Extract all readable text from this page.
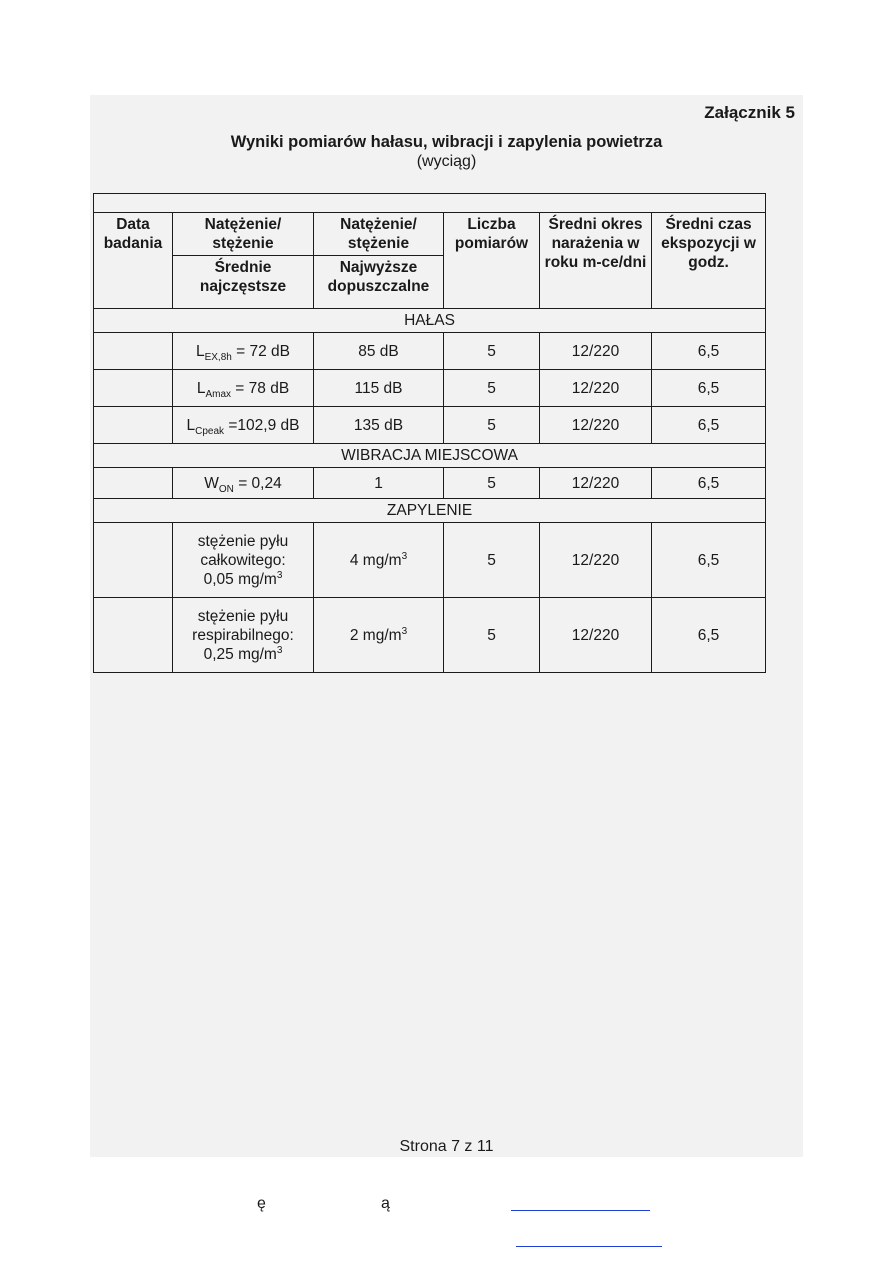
Załącznik 5
Wyniki pomiarów hałasu, wibracji i zapylenia powietrza
(wyciąg)

Data badania	Natężenie/ stężenie	Natężenie/ stężenie	Liczba pomiarów	Średni okres narażenia w roku m-ce/dni	Średni czas ekspozycji w godz.
	Średnie najczęstsze	Najwyższe dopuszczalne			
HAŁAS					
	$L_{EX,8h} = 72$ dB	85 dB	5	12/220	6,5
	$L_{Amax} = 78$ dB	115 dB	5	12/220	6,5
	$L_{Cpeak} =102,9$ dB	135 dB	5	12/220	6,5
WIBRACJA MIEJSCOWA					
	$W_{ON} = 0,24$	1	5	12/220	6,5
ZAPYLENIE					
	stężenie pyłu
całkowitego:
0,05 $mg/m^3$	4 $mg/m^3$	5	12/220	6,5
	stężenie pyłu
respirabilnego:
0,25 $mg/m^3$	2 $mg/m^3$	5	12/220	6,5
Strona 7 z 11
ę	ą
